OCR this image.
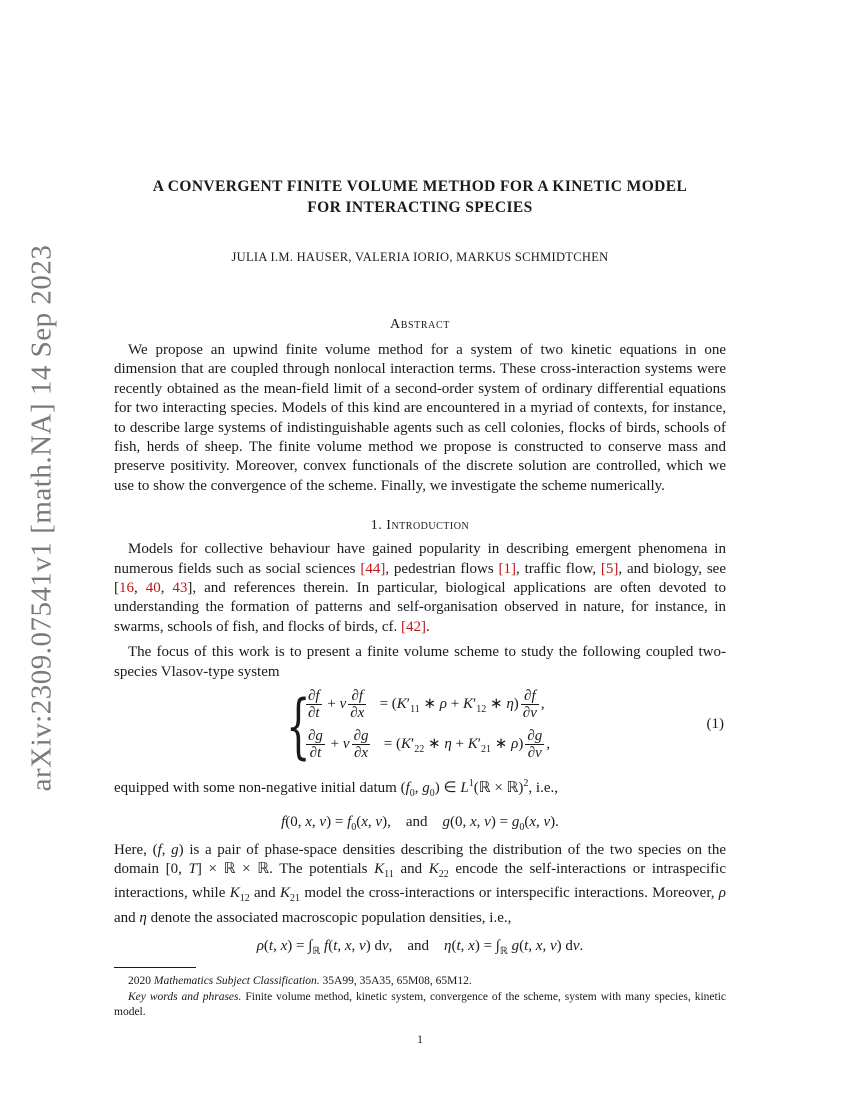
arXiv:2309.07541v1 [math.NA] 14 Sep 2023
A CONVERGENT FINITE VOLUME METHOD FOR A KINETIC MODEL
FOR INTERACTING SPECIES
JULIA I.M. HAUSER, VALERIA IORIO, MARKUS SCHMIDTCHEN
Abstract

We propose an upwind finite volume method for a system of two kinetic equations in one dimension that are coupled through nonlocal interaction terms. These cross-interaction systems were recently obtained as the mean-field limit of a second-order system of ordinary differential equations for two interacting species. Models of this kind are encountered in a myriad of contexts, for instance, to describe large systems of indistinguishable agents such as cell colonies, flocks of birds, schools of fish, herds of sheep. The finite volume method we propose is constructed to conserve mass and preserve positivity. Moreover, convex functionals of the discrete solution are controlled, which we use to show the convergence of the scheme. Finally, we investigate the scheme numerically.

1. Introduction

Models for collective behaviour have gained popularity in describing emergent phenomena in numerous fields such as social sciences [44], pedestrian flows [1], traffic flow, [5], and biology, see [16, 40, 43], and references therein. In particular, biological applications are often devoted to understanding the formation of patterns and self-organisation observed in nature, for instance, in swarms, schools of fish, and flocks of birds, cf. [42].

The focus of this work is to present a finite volume scheme to study the following coupled two-species Vlasov-type system

{
$\frac{\partial f}{\partial t} + v \frac{\partial f}{\partial x} = (K'_{11}$ ∗ $\rho + K'_{12}$ ∗ $\eta) \frac{\partial f}{\partial v}$ ,
$\frac{\partial g}{\partial t} + v \frac{\partial g}{\partial x} = (K'_{22}$ ∗ $\eta + K'_{21}$ ∗ $\rho) \frac{\partial g}{\partial v}$ ,
(1)

equipped with some non-negative initial datum ($f_0$, $g_0$) ∈ $L^1(ℝ$ × ℝ)$^2$, i.e.,

f(0, x, $v) = f_0(x$, v),    and g(0, x, $v) = g_0(x$, v).

Here, (f, g) is a pair of phase-space densities describing the distribution of the two species on the domain [0, T] × ℝ × ℝ. The potentials $K_{11}$ and $K_{22}$ encode the self-interactions or intraspecific interactions, while $K_{12}$ and $K_{21}$ model the cross-interactions or interspecific interactions. Moreover, ρ and η denote the associated macroscopic population densities, i.e.,

ρ(t, $x) = \int_ℝ$ f(t, x, v) dv,    and η(t, $x) = \int_ℝ$ g(t, x, v) dv.

2020 Mathematics Subject Classification. 35A99, 35A35, 65M08, 65M12.

Key words and phrases. Finite volume method, kinetic system, convergence of the scheme, system with many species, kinetic model.

1
